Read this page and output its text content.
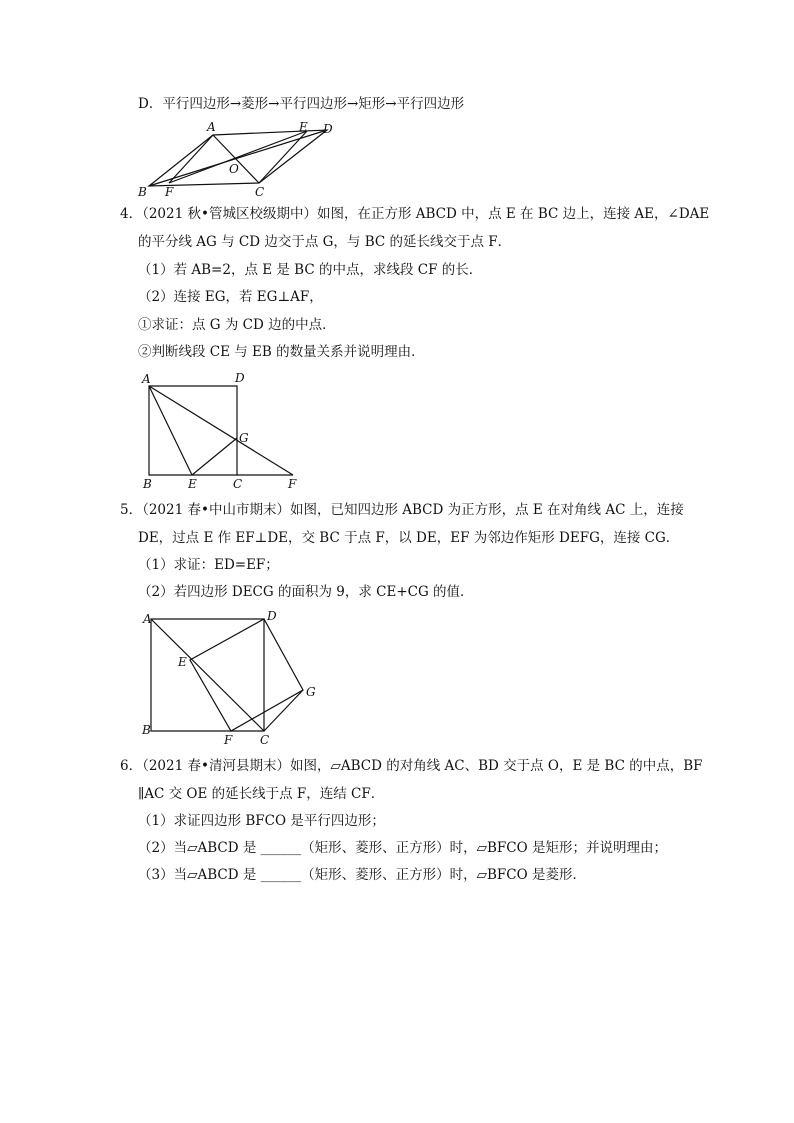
D．平行四边形→菱形→平行四边形→矩形→平行四边形
A	E D
O
B F	C
4．（2021 秋•管城区校级期中）如图，在正方形 ABCD 中，点 E 在 BC 边上，连接 AE，∠DAE
的平分线 AG 与 CD 边交于点 G，与 BC 的延长线交于点 F．
（1）若 AB=2，点 E 是 BC 的中点，求线段 CF 的长．
（2）连接 EG，若 EG⊥AF，
①求证：点 G 为 CD 边的中点．
②判断线段 CE 与 EB 的数量关系并说明理由．
A	D
G
B	E	C	F
5．（2021 春•中山市期末）如图，已知四边形 ABCD 为正方形，点 E 在对角线 AC 上，连接
DE，过点 E 作 EF⊥DE，交 BC 于点 F，以 DE，EF 为邻边作矩形 DEFG，连接 CG．
（1）求证：ED=EF；
（2）若四边形 DECG 的面积为 9，求 CE+CG 的值．
A	D
E
G
B
F C
6．（2021 春•清河县期末）如图，▱ABCD 的对角线 AC、BD 交于点 O，E 是 BC 的中点，BF
∥AC 交 OE 的延长线于点 F，连结 CF．
（1）求证四边形 BFCO 是平行四边形；
（2）当▱ABCD 是 ______（矩形、菱形、正方形）时，▱BFCO 是矩形；并说明理由；
（3）当▱ABCD 是 ______（矩形、菱形、正方形）时，▱BFCO 是菱形．
